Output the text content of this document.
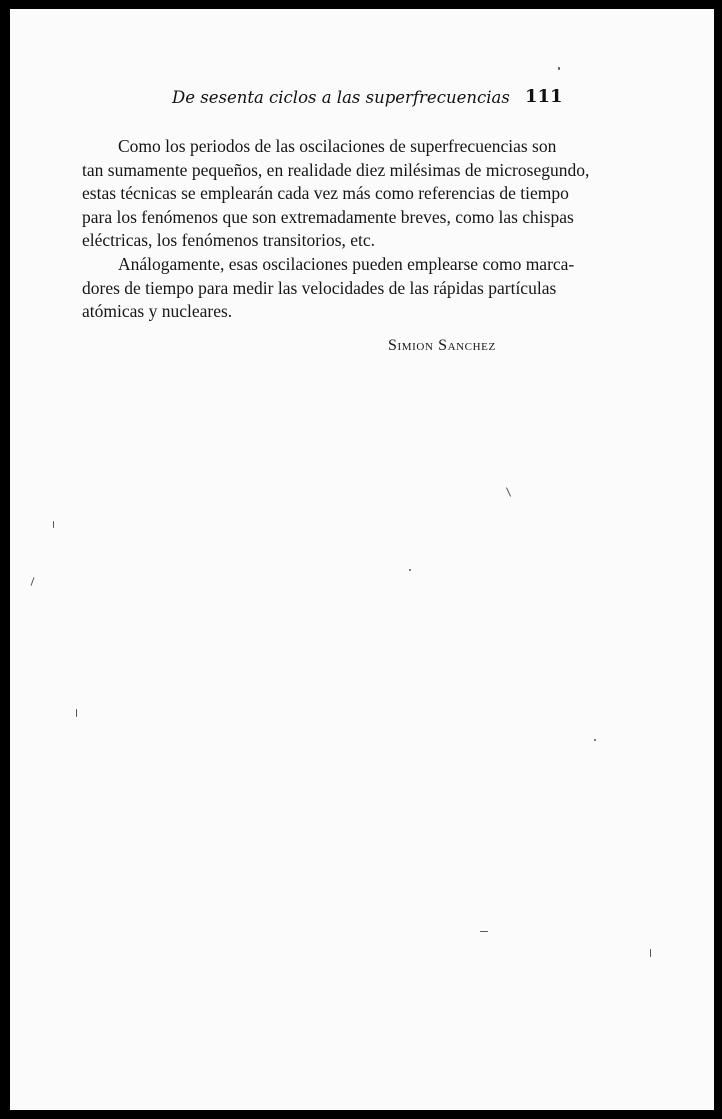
De sesenta ciclos a las superfrecuencias 111

Como los periodos de las oscilaciones de superfrecuencias son
tan sumamente pequeños, en realidade diez milésimas de microsegundo,
estas técnicas se emplearán cada vez más como referencias de tiempo
para los fenómenos que son extremadamente breves, como las chispas
eléctricas, los fenómenos transitorios, etc.

Análogamente, esas oscilaciones pueden emplearse como marca-
dores de tiempo para medir las velocidades de las rápidas partículas
atómicas y nucleares.

Simion Sanchez
